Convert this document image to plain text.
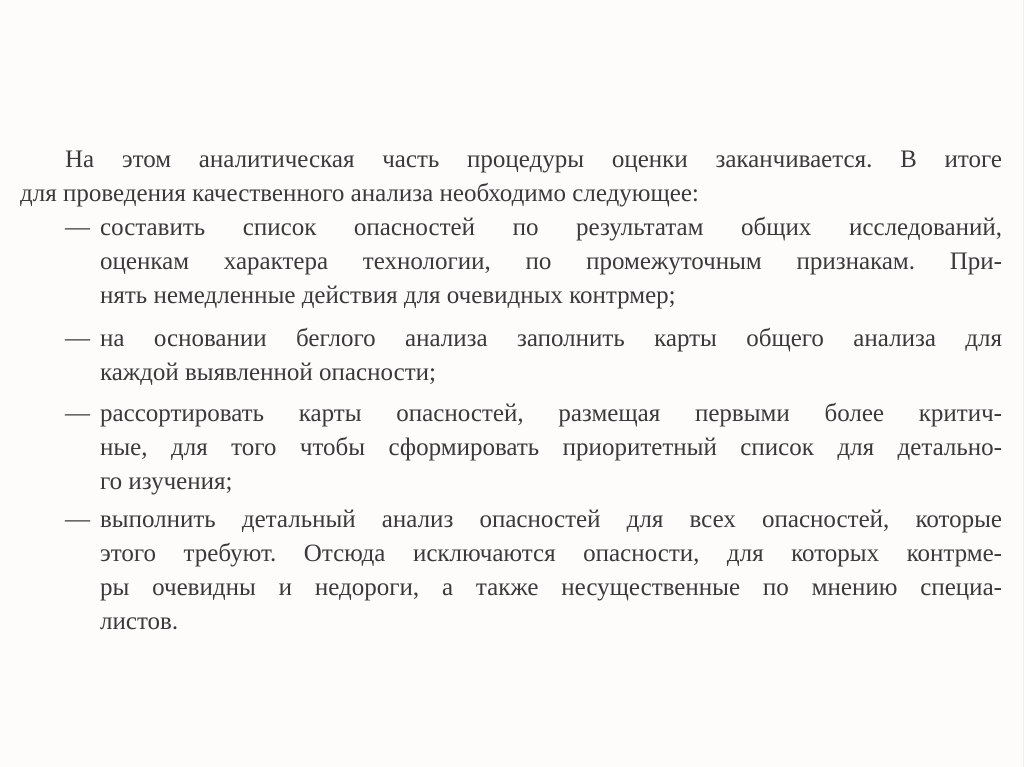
На этом аналитическая часть процедуры оценки заканчивается. В итоге
для проведения качественного анализа необходимо следующее:
— составить список опасностей по результатам общих исследований,
оценкам характера технологии, по промежуточным признакам. При-
нять немедленные действия для очевидных контрмер;
— на основании беглого анализа заполнить карты общего анализа для
каждой выявленной опасности;
— рассортировать карты опасностей, размещая первыми более критич-
ные, для того чтобы сформировать приоритетный список для детально-
го изучения;
— выполнить детальный анализ опасностей для всех опасностей, которые
этого требуют. Отсюда исключаются опасности, для которых контрме-
ры очевидны и недороги, а также несущественные по мнению специа-
листов.
